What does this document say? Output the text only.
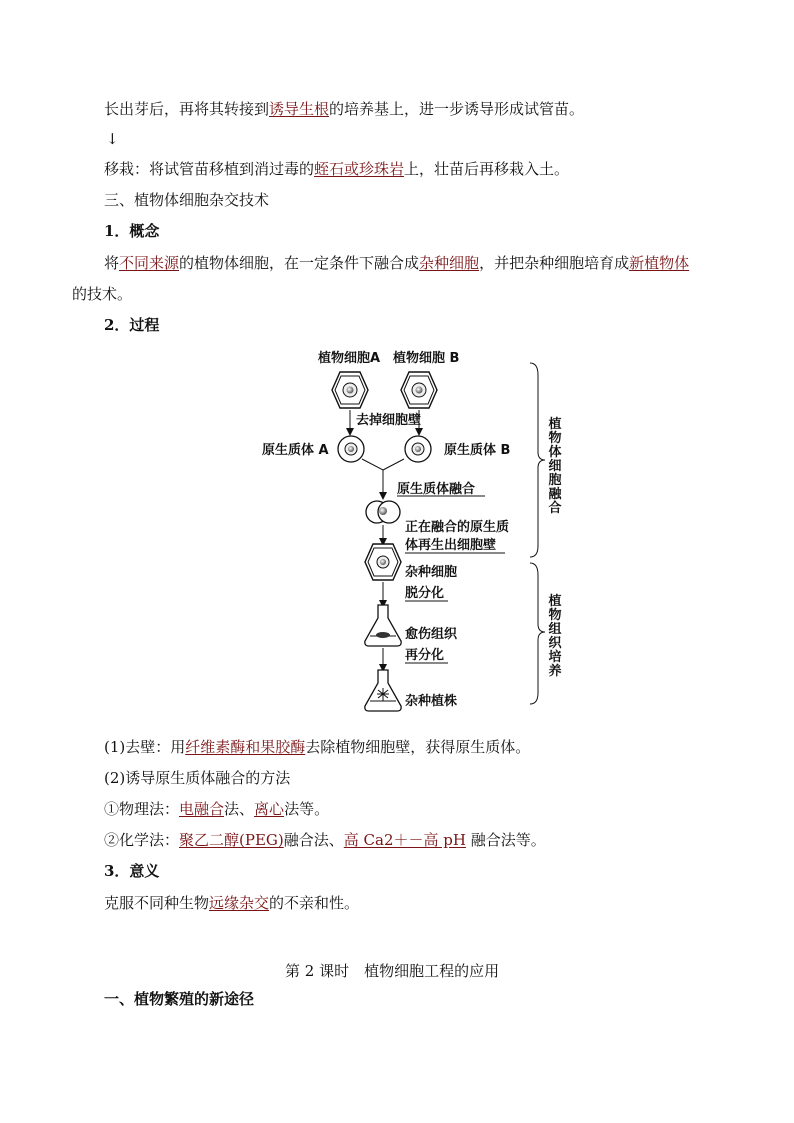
长出芽后，再将其转接到诱导生根的培养基上，进一步诱导形成试管苗。
↓
移栽：将试管苗移植到消过毒的蛭石或珍珠岩上，壮苗后再移栽入土。
三、植物体细胞杂交技术
1．概念
将不同来源的植物体细胞，在一定条件下融合成杂种细胞，并把杂种细胞培育成新植物体
的技术。
2．过程
植物细胞A 植物细胞 B
去掉细胞壁
原生质体 A	原生质体 B
原生质体融合
正在融合的原生质
体再生出细胞壁
杂种细胞
脱分化
愈伤组织
再分化
杂种植株
植
物
体
细
胞
融
合
植
物
组
织
培
养
(1)去壁：用纤维素酶和果胶酶去除植物细胞壁，获得原生质体。
(2)诱导原生质体融合的方法
①物理法：电融合法、离心法等。
②化学法：聚乙二醇(PEG)融合法、高 Ca2＋－高 pH 融合法等。
3．意义
克服不同种生物远缘杂交的不亲和性。
第 2 课时　植物细胞工程的应用
一、植物繁殖的新途径
